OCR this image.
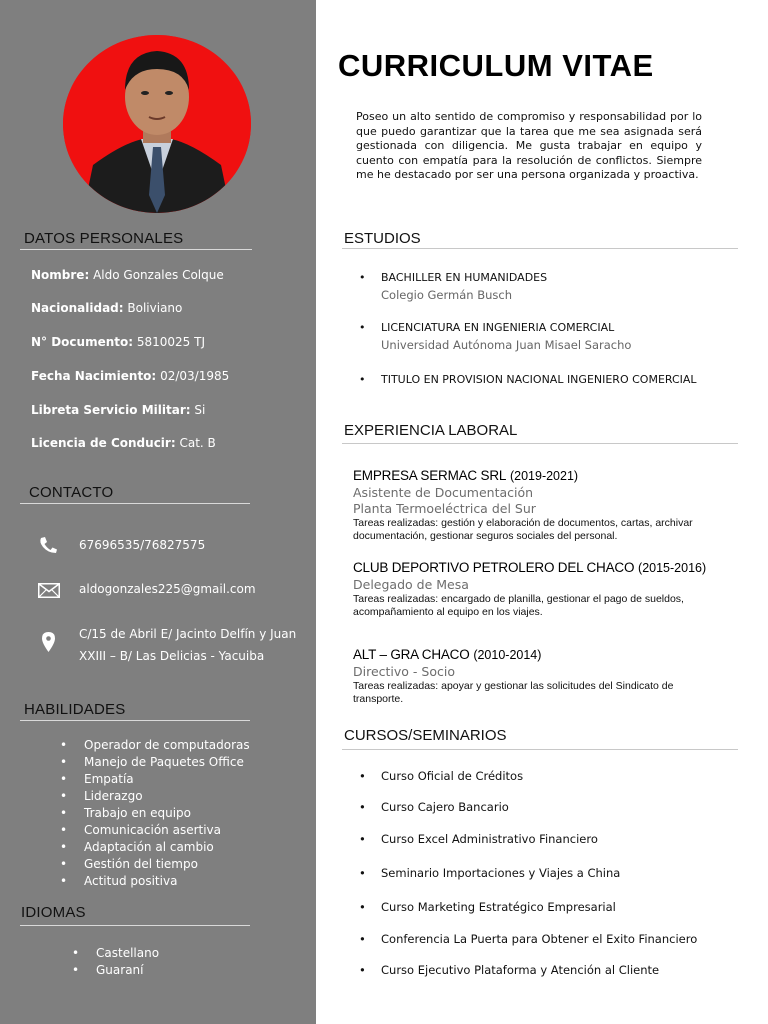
DATOS PERSONALES
Nombre: Aldo Gonzales Colque
Nacionalidad: Boliviano
N° Documento: 5810025 TJ
Fecha Nacimiento: 02/03/1985
Libreta Servicio Militar: Si
Licencia de Conducir: Cat. B
CONTACTO
67696535/76827575
aldogonzales225@gmail.com
C/15 de Abril E/ Jacinto Delfín y Juan
XXIII – B/ Las Delicias - Yacuiba
HABILIDADES
• Operador de computadoras
• Manejo de Paquetes Office
• Empatía
• Liderazgo
• Trabajo en equipo
• Comunicación asertiva
• Adaptación al cambio
• Gestión del tiempo
• Actitud positiva
IDIOMAS
• Castellano
• Guaraní
CURRICULUM VITAE
Poseo un alto sentido de compromiso y responsabilidad por lo que puedo garantizar que la tarea que me sea asignada será gestionada con diligencia. Me gusta trabajar en equipo y cuento con empatía para la resolución de conflictos. Siempre me he destacado por ser una persona organizada y proactiva.
ESTUDIOS
• BACHILLER EN HUMANIDADES
Colegio Germán Busch
• LICENCIATURA EN INGENIERIA COMERCIAL
Universidad Autónoma Juan Misael Saracho
• TITULO EN PROVISION NACIONAL INGENIERO COMERCIAL
EXPERIENCIA LABORAL
EMPRESA SERMAC SRL (2019-2021)
Asistente de Documentación
Planta Termoeléctrica del Sur
Tareas realizadas: gestión y elaboración de documentos, cartas, archivar documentación, gestionar seguros sociales del personal.
CLUB DEPORTIVO PETROLERO DEL CHACO (2015-2016)
Delegado de Mesa
Tareas realizadas: encargado de planilla, gestionar el pago de sueldos, acompañamiento al equipo en los viajes.
ALT – GRA CHACO (2010-2014)
Directivo - Socio
Tareas realizadas: apoyar y gestionar las solicitudes del Sindicato de transporte.
CURSOS/SEMINARIOS
• Curso Oficial de Créditos
• Curso Cajero Bancario
• Curso Excel Administrativo Financiero
• Seminario Importaciones y Viajes a China
• Curso Marketing Estratégico Empresarial
• Conferencia La Puerta para Obtener el Exito Financiero
• Curso Ejecutivo Plataforma y Atención al Cliente
